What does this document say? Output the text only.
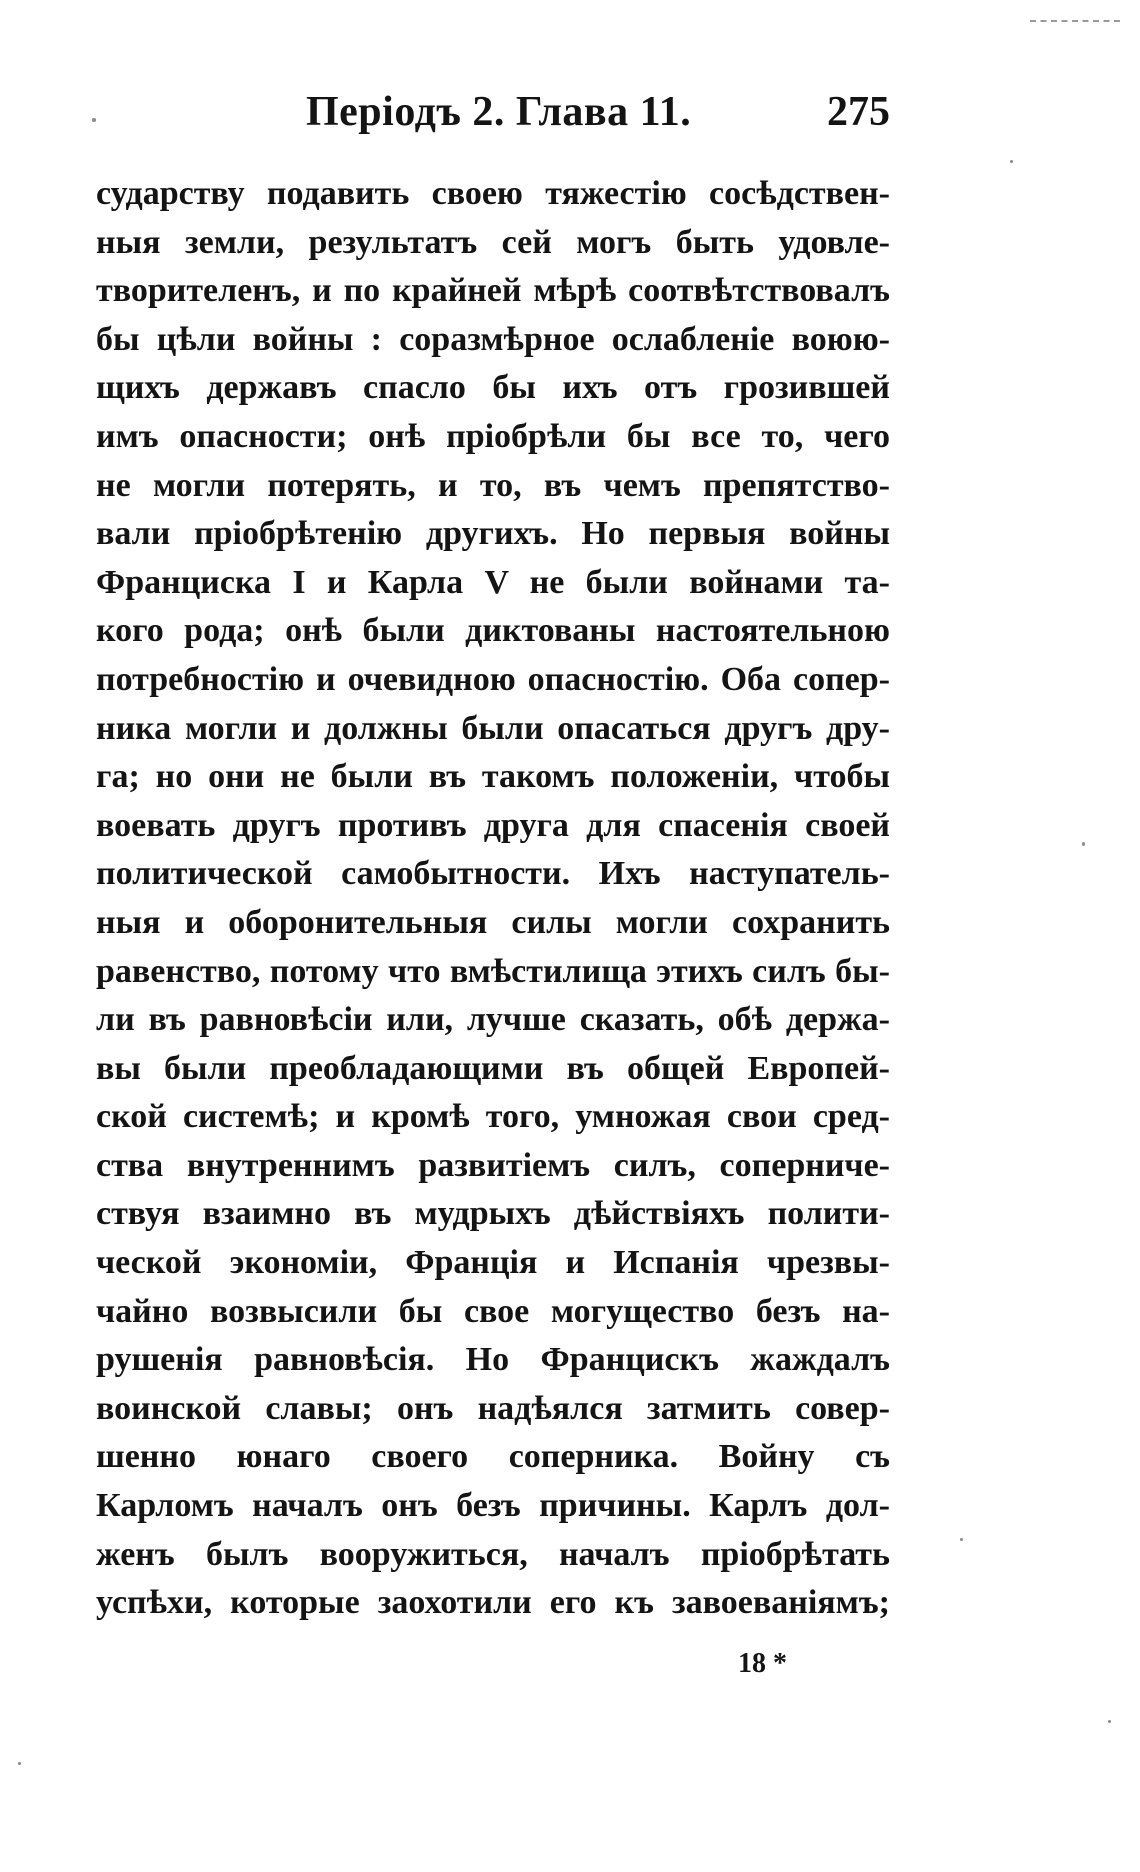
Періодъ 2. Глава 11.	275
сударству подавить своею тяжестію сосѣдствен-
ныя земли, результатъ сей могъ быть удовле-
творителенъ, и по крайней мѣрѣ соотвѣтствовалъ
бы цѣли войны : соразмѣрное ослабленіе воюю-
щихъ державъ спасло бы ихъ отъ грозившей
имъ опасности; онѣ пріобрѣли бы все то, чего
не могли потерять, и то, въ чемъ препятство-
вали пріобрѣтенію другихъ. Но первыя войны
Франциска I и Карла V не были войнами та-
кого рода; онѣ были диктованы настоятельною
потребностію и очевидною опасностію. Оба сопер-
ника могли и должны были опасаться другъ дру-
га; но они не были въ такомъ положеніи, чтобы
воевать другъ противъ друга для спасенія своей
политической самобытности. Ихъ наступатель-
ныя и оборонительныя силы могли сохранить
равенство, потому что вмѣстилища этихъ силъ бы-
ли въ равновѣсіи или, лучше сказать, обѣ держа-
вы были преобладающими въ общей Европей-
ской системѣ; и кромѣ того, умножая свои сред-
ства внутреннимъ развитіемъ силъ, соперниче-
ствуя взаимно въ мудрыхъ дѣйствіяхъ полити-
ческой экономіи, Франція и Испанія чрезвы-
чайно возвысили бы свое могущество безъ на-
рушенія равновѣсія. Но Францискъ жаждалъ
воинской славы; онъ надѣялся затмить совер-
шенно юнаго своего соперника. Войну съ
Карломъ началъ онъ безъ причины. Карлъ дол-
женъ былъ вооружиться, началъ пріобрѣтать
успѣхи, которые заохотили его къ завоеваніямъ;
18 *
